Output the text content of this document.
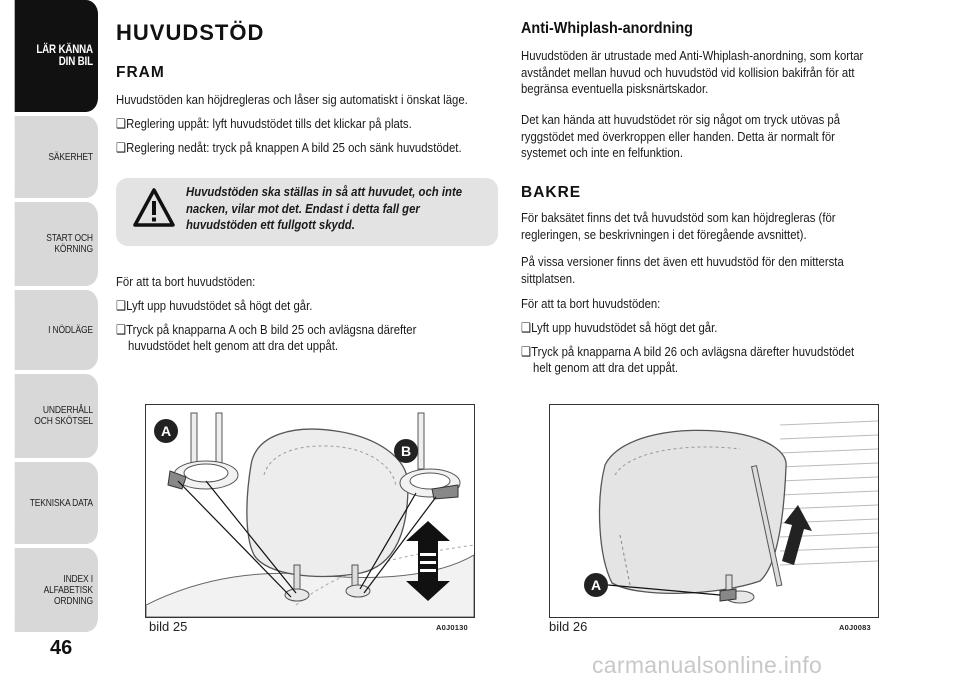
LÄR KÄNNA DIN BIL
SÄKERHET
START OCH KÖRNING
I NÖDLÄGE
UNDERHÅLL OCH SKÖTSEL
TEKNISKA DATA
INDEX I ALFABETISK ORDNING
46
HUVUDSTÖD
FRAM
Huvudstöden kan höjdregleras och låser sig automatiskt i önskat läge.
❑ Reglering uppåt: lyft huvudstödet tills det klickar på plats.
❑ Reglering nedåt: tryck på knappen A bild 25 och sänk huvudstödet.
Huvudstöden ska ställas in så att huvudet, och inte
nacken, vilar mot det. Endast i detta fall ger
huvudstöden ett fullgott skydd.
För att ta bort huvudstöden:
❑ Lyft upp huvudstödet så högt det går.
❑ Tryck på knapparna A och B bild 25 och avlägsna därefter
huvudstödet helt genom att dra det uppåt.
Anti-Whiplash-anordning
Huvudstöden är utrustade med Anti-Whiplash-anordning, som kortar
avståndet mellan huvud och huvudstöd vid kollision bakifrån för att
begränsa eventuella pisksnärtskador.
Det kan hända att huvudstödet rör sig något om tryck utövas på
ryggstödet med överkroppen eller handen. Detta är normalt för
systemet och inte en felfunktion.
BAKRE
För baksätet finns det två huvudstöd som kan höjdregleras (för
regleringen, se beskrivningen i det föregående avsnittet).
På vissa versioner finns det även ett huvudstöd för den mittersta
sittplatsen.
För att ta bort huvudstöden:
❑ Lyft upp huvudstödet så högt det går.
❑ Tryck på knapparna A bild 26 och avlägsna därefter huvudstödet
helt genom att dra det uppåt.
A
B
bild 25	A0J0130
A
bild 26	A0J0083
carmanualsonline.info
